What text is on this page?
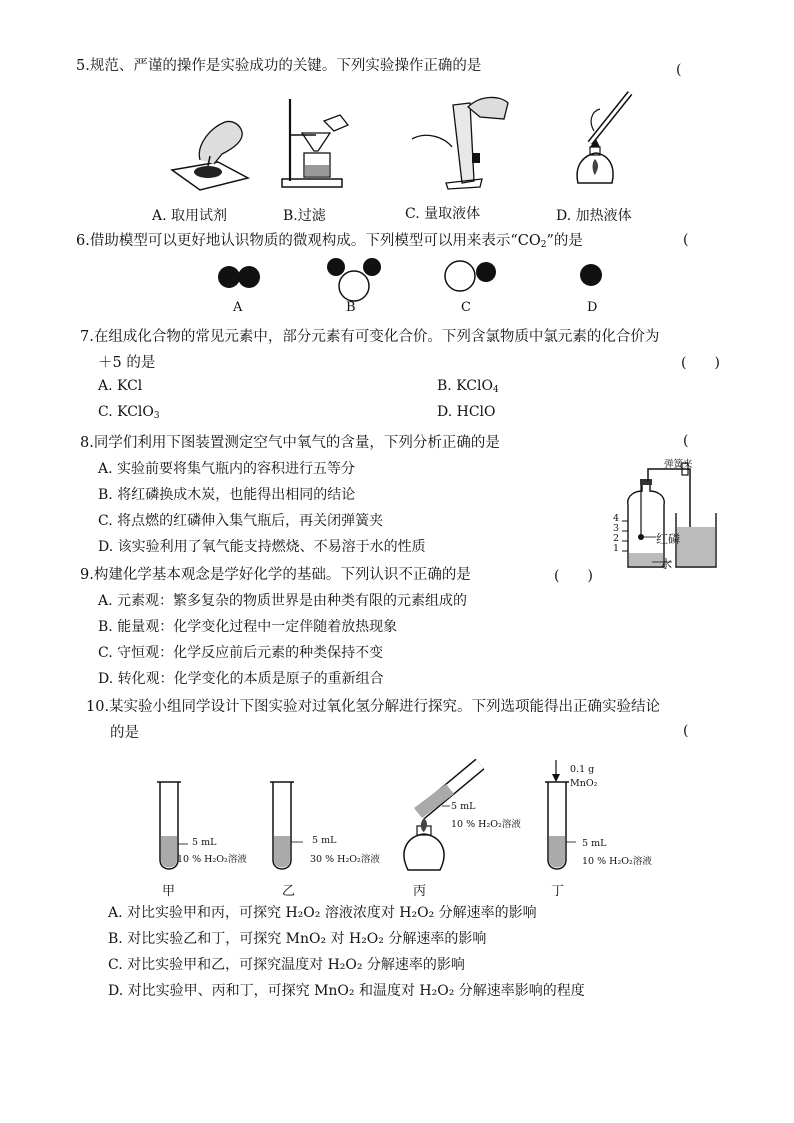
5.规范、严谨的操作是实验成功的关键。下列实验操作正确的是	(
A. 取用试剂	B.过滤	C. 量取液体	D. 加热液体
6.借助模型可以更好地认识物质的微观构成。下列模型可以用来表示“$CO_2$”的是	(
A	B	C	D
7.在组成化合物的常见元素中，部分元素有可变化合价。下列含氯物质中氯元素的化合价为
＋5 的是	(　　)
A. KCl	B. KClO$_4$
C. KClO$_3$	D. HClO
8.同学们利用下图装置测定空气中氧气的含量，下列分析正确的是	(
A. 实验前要将集气瓶内的容积进行五等分
B. 将红磷换成木炭，也能得出相同的结论
C. 将点燃的红磷伸入集气瓶后，再关闭弹簧夹
D. 该实验利用了氧气能支持燃烧、不易溶于水的性质
弹簧夹
4
3
2
1
红磷
水
9.构建化学基本观念是学好化学的基础。下列认识不正确的是	(　　)
A. 元素观：繁多复杂的物质世界是由种类有限的元素组成的
B. 能量观：化学变化过程中一定伴随着放热现象
C. 守恒观：化学反应前后元素的种类保持不变
D. 转化观：化学变化的本质是原子的重新组合
10.某实验小组同学设计下图实验对过氧化氢分解进行探究。下列选项能得出正确实验结论
的是	(
5 mL
10 % H₂O₂溶液
甲
5 mL
30 % H₂O₂溶液
乙
5 mL
10 % H₂O₂溶液
丙
0.1 g
MnO₂
5 mL
10 % H₂O₂溶液
丁
A. 对比实验甲和丙，可探究 H₂O₂ 溶液浓度对 H₂O₂ 分解速率的影响
B. 对比实验乙和丁，可探究 MnO₂ 对 H₂O₂ 分解速率的影响
C. 对比实验甲和乙，可探究温度对 H₂O₂ 分解速率的影响
D. 对比实验甲、丙和丁，可探究 MnO₂ 和温度对 H₂O₂ 分解速率影响的程度
